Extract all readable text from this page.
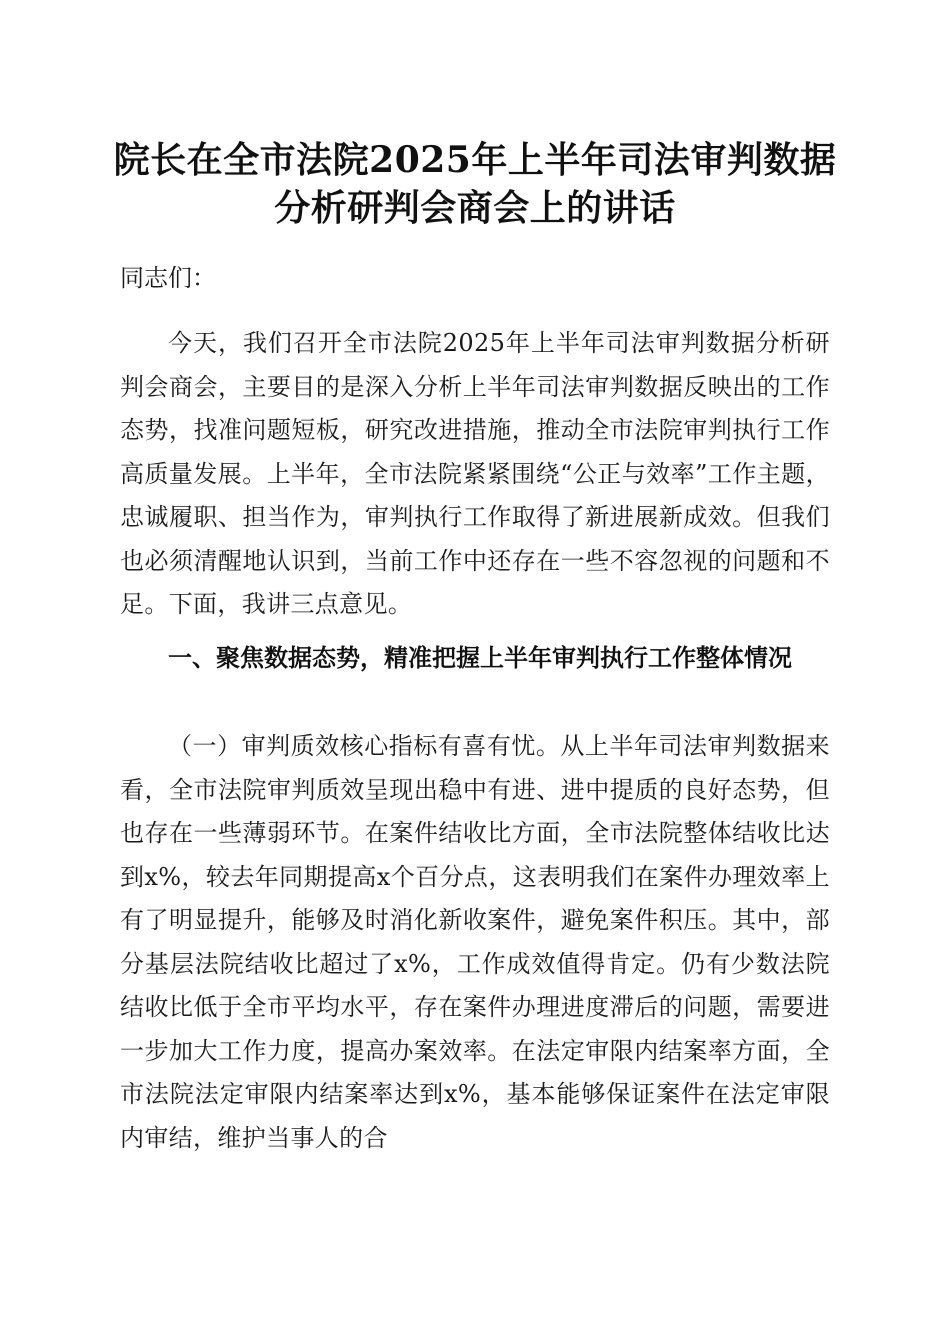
院长在全市法院2025年上半年司法审判数据
分析研判会商会上的讲话

同志们：

今天，我们召开全市法院2025年上半年司法审判数据分析研判会商会，主要目的是深入分析上半年司法审判数据反映出的工作态势，找准问题短板，研究改进措施，推动全市法院审判执行工作高质量发展。上半年，全市法院紧紧围绕“公正与效率”工作主题，忠诚履职、担当作为，审判执行工作取得了新进展新成效。但我们也必须清醒地认识到，当前工作中还存在一些不容忽视的问题和不足。下面，我讲三点意见。

一、聚焦数据态势，精准把握上半年审判执行工作整体情况

（一）审判质效核心指标有喜有忧。从上半年司法审判数据来看，全市法院审判质效呈现出稳中有进、进中提质的良好态势，但也存在一些薄弱环节。在案件结收比方面，全市法院整体结收比达到x%，较去年同期提高x个百分点，这表明我们在案件办理效率上有了明显提升，能够及时消化新收案件，避免案件积压。其中，部分基层法院结收比超过了x%，工作成效值得肯定。仍有少数法院结收比低于全市平均水平，存在案件办理进度滞后的问题，需要进一步加大工作力度，提高办案效率。在法定审限内结案率方面，全市法院法定审限内结案率达到x%，基本能够保证案件在法定审限内审结，维护当事人的合
